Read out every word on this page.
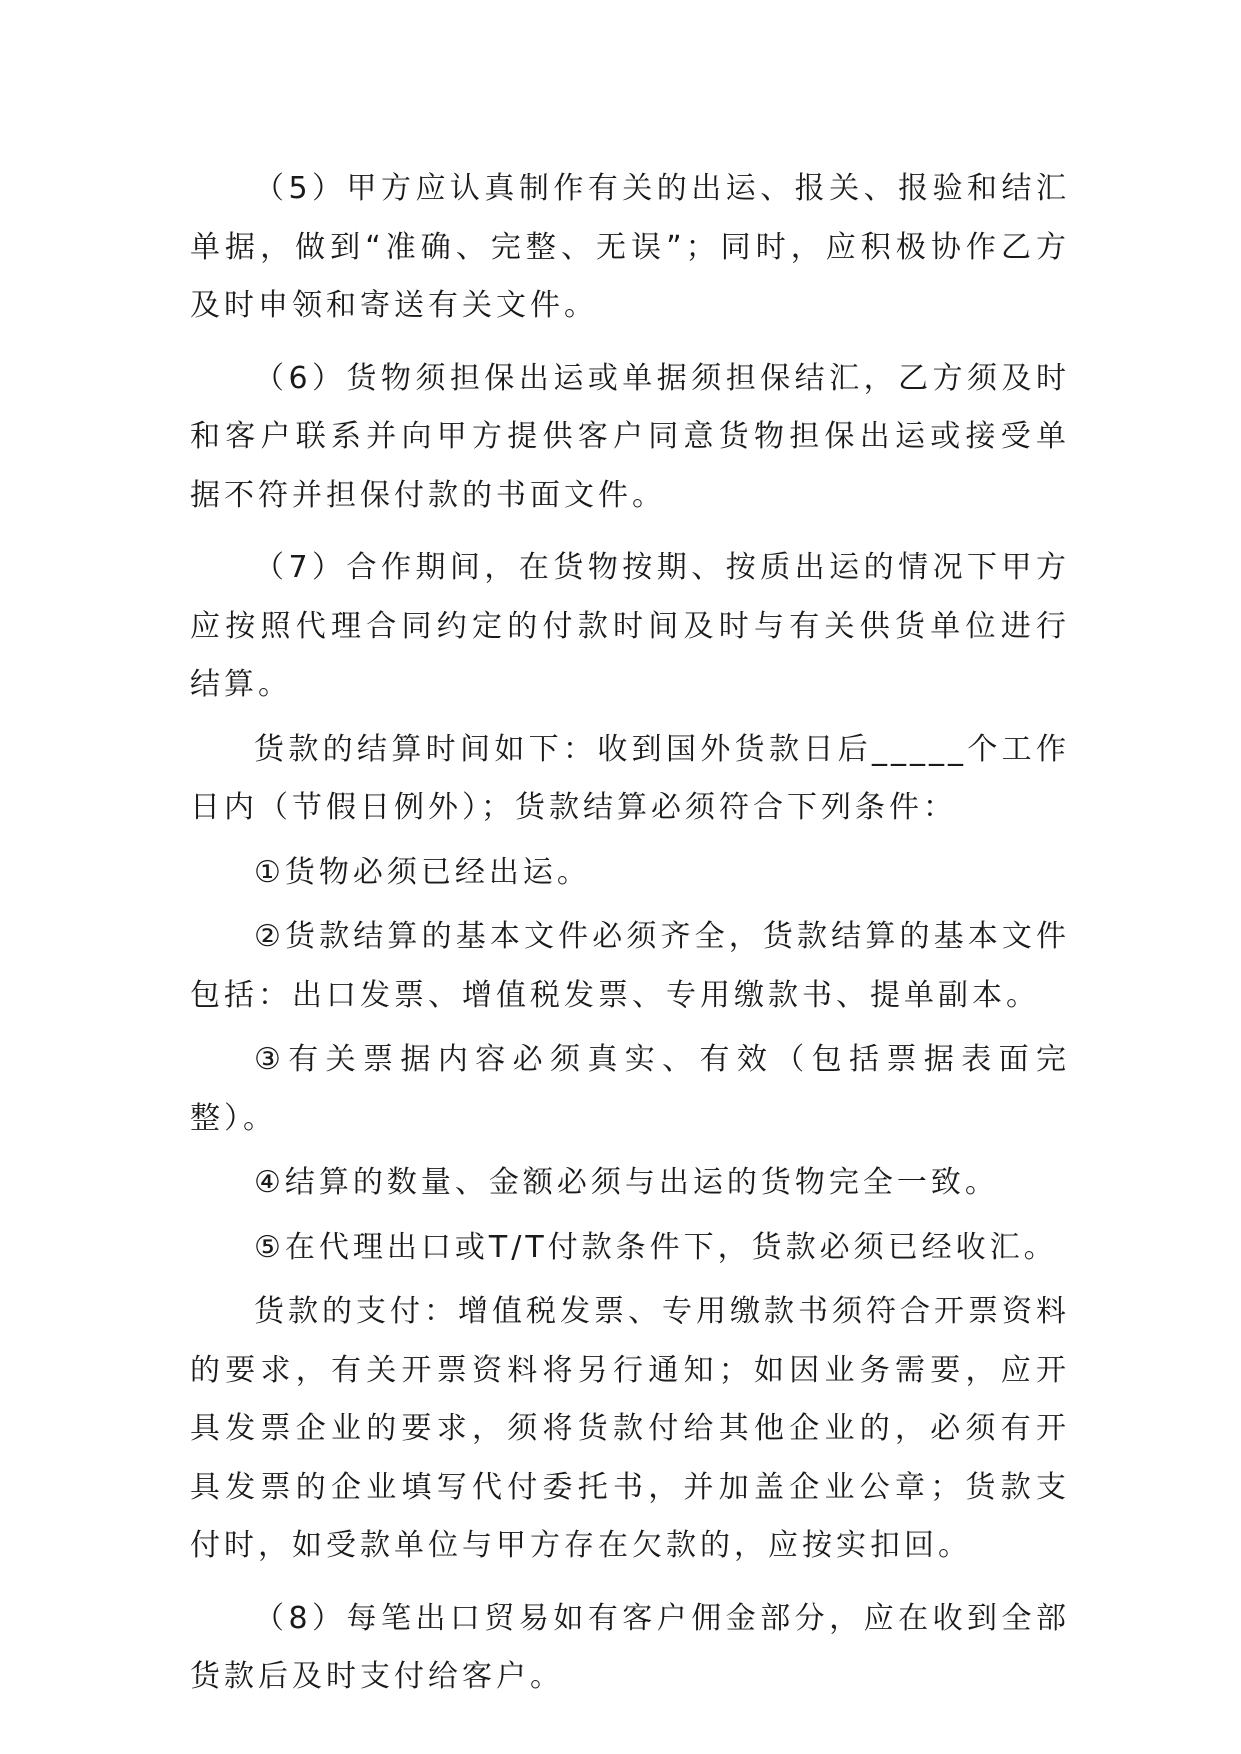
（5）甲方应认真制作有关的出运、报关、报验和结汇单据，做到“准确、完整、无误”；同时，应积极协作乙方及时申领和寄送有关文件。

（6）货物须担保出运或单据须担保结汇，乙方须及时和客户联系并向甲方提供客户同意货物担保出运或接受单据不符并担保付款的书面文件。

（7）合作期间，在货物按期、按质出运的情况下甲方应按照代理合同约定的付款时间及时与有关供货单位进行结算。

货款的结算时间如下：收到国外货款日后_____个工作日内（节假日例外）；货款结算必须符合下列条件：

①货物必须已经出运。

②货款结算的基本文件必须齐全，货款结算的基本文件包括：出口发票、增值税发票、专用缴款书、提单副本。

③有关票据内容必须真实、有效（包括票据表面完整）。

④结算的数量、金额必须与出运的货物完全一致。

⑤在代理出口或T/T付款条件下，货款必须已经收汇。

货款的支付：增值税发票、专用缴款书须符合开票资料的要求，有关开票资料将另行通知；如因业务需要，应开具发票企业的要求，须将货款付给其他企业的，必须有开具发票的企业填写代付委托书，并加盖企业公章；货款支付时，如受款单位与甲方存在欠款的，应按实扣回。

（8）每笔出口贸易如有客户佣金部分，应在收到全部货款后及时支付给客户。
